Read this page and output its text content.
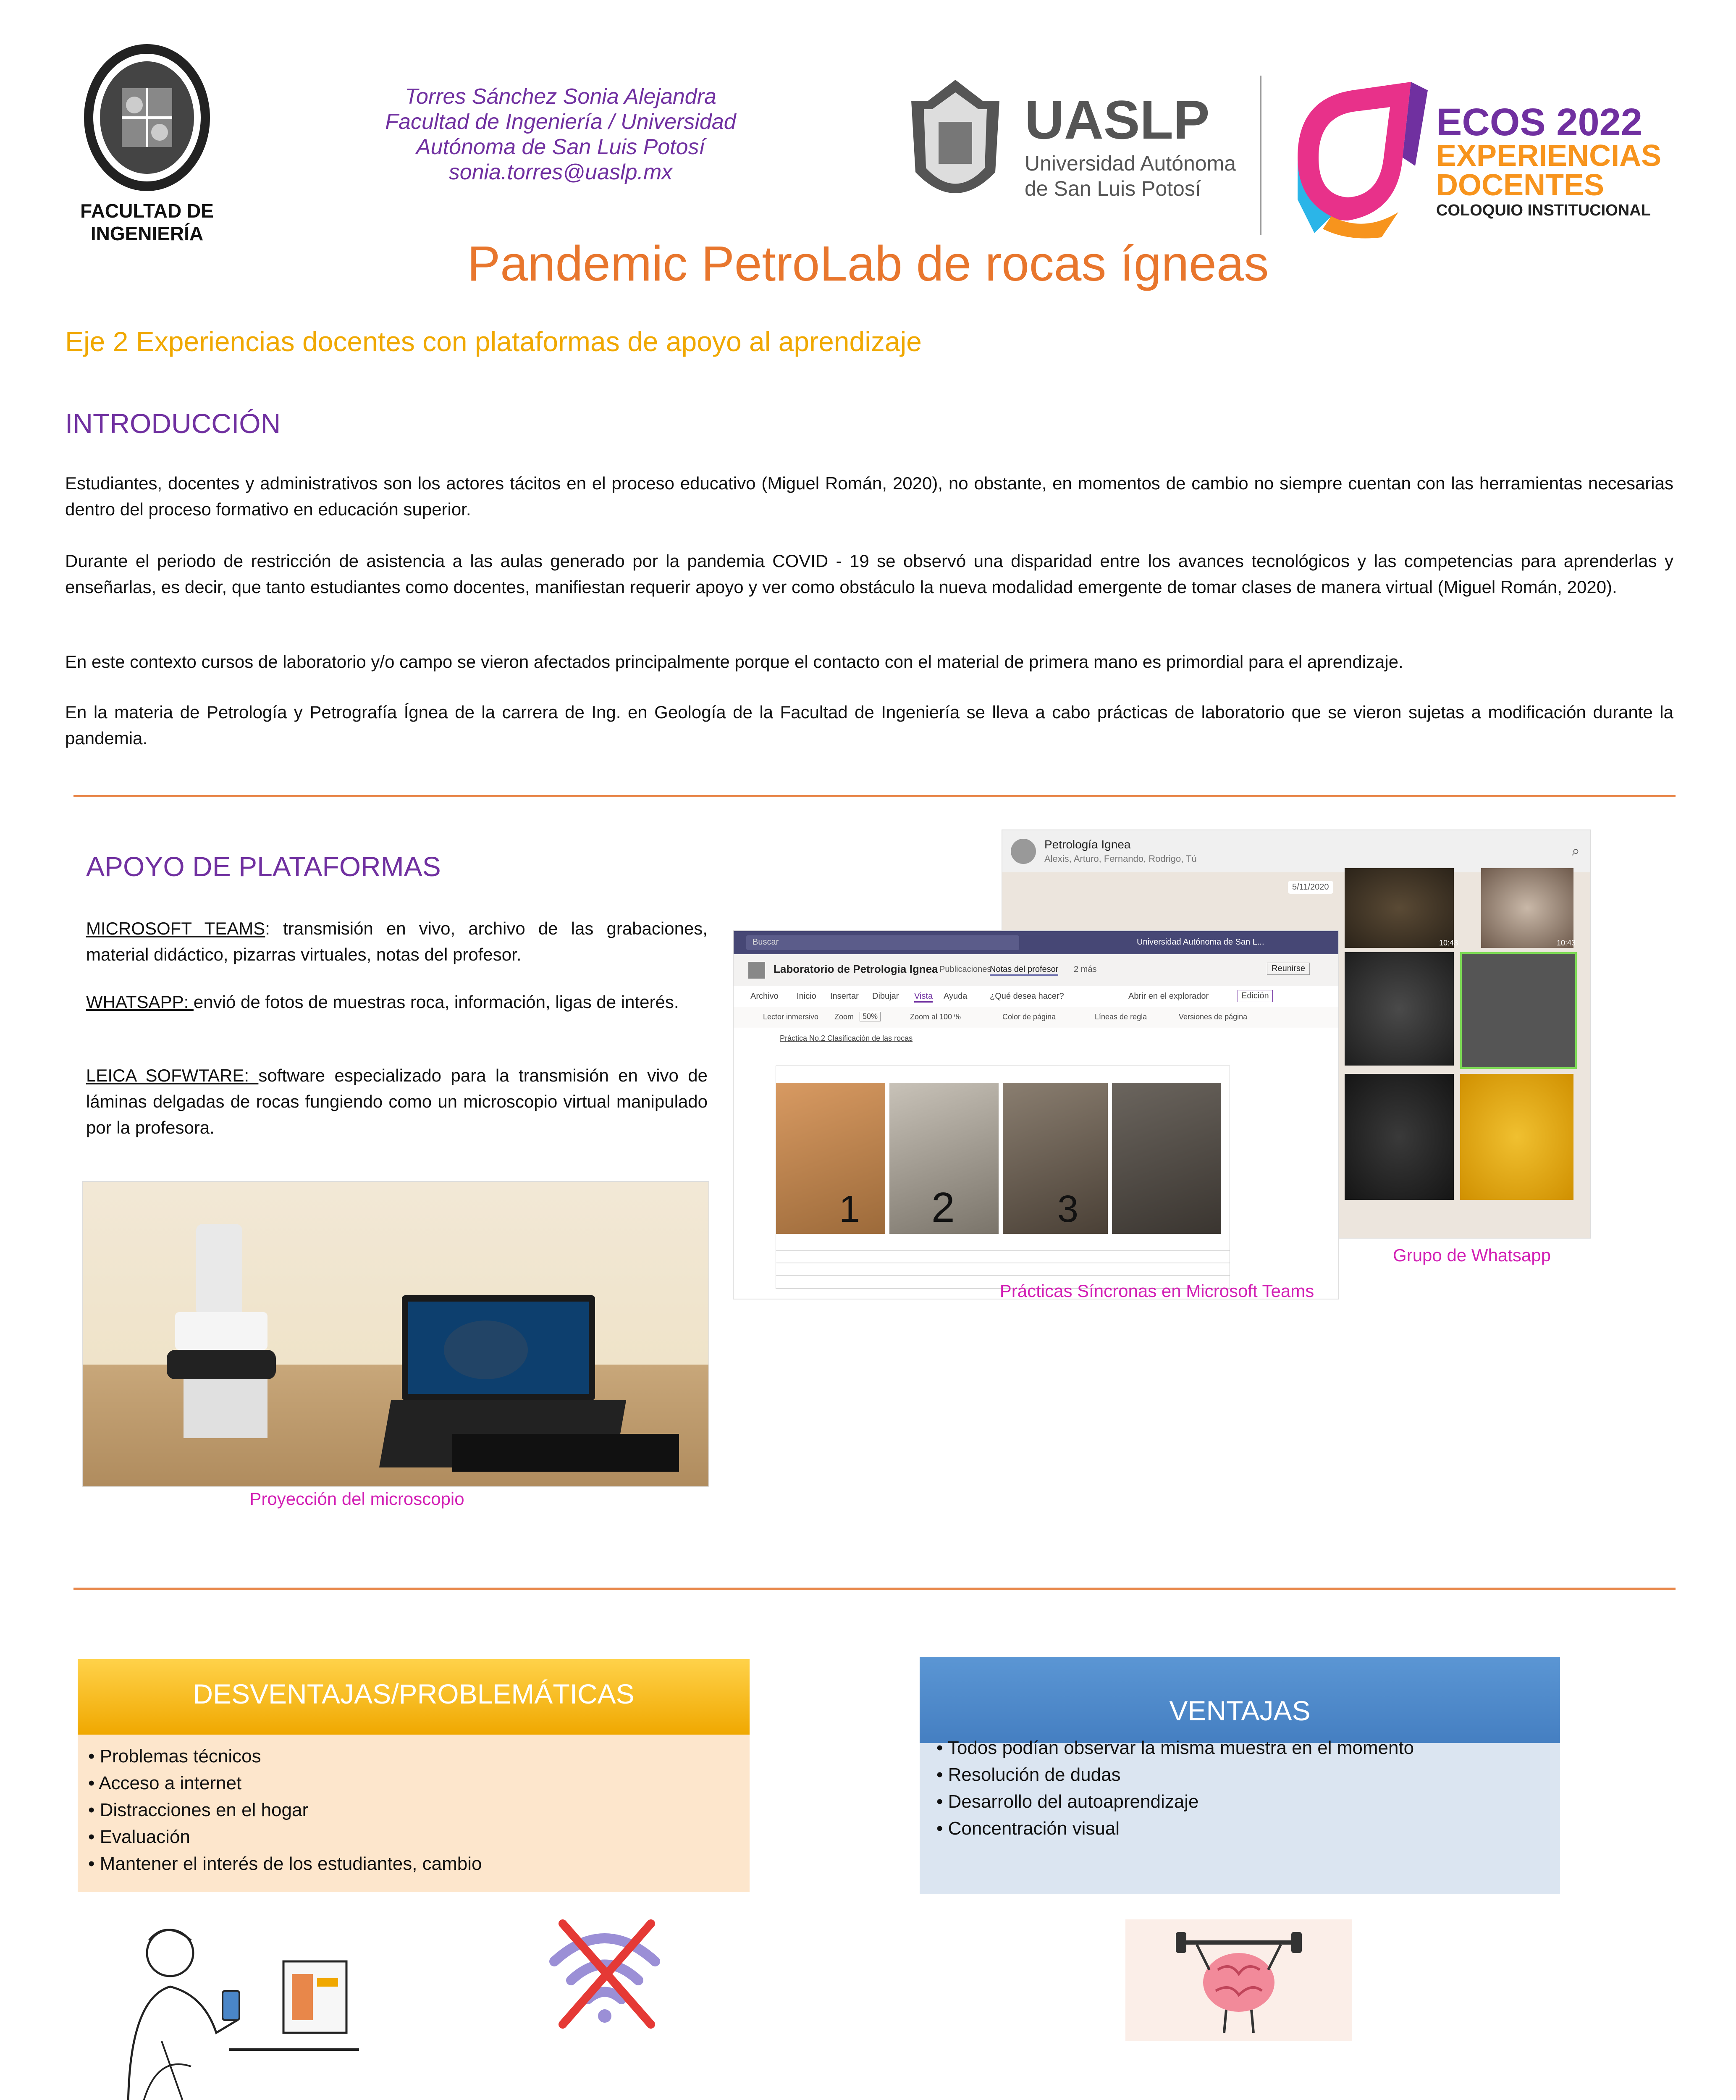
FACULTAD DE
INGENIERÍA
Torres Sánchez Sonia Alejandra
Facultad de Ingeniería / Universidad
Autónoma de San Luis Potosí
sonia.torres@uaslp.mx
UASLP
Universidad Autónoma
de San Luis Potosí
ECOS 2022
EXPERIENCIAS
DOCENTES
COLOQUIO INSTITUCIONAL
Pandemic PetroLab de rocas ígneas
Eje 2 Experiencias docentes con plataformas de apoyo al aprendizaje
INTRODUCCIÓN

Estudiantes, docentes y administrativos son los actores tácitos en el proceso educativo (Miguel Román, 2020), no obstante, en momentos de cambio no siempre cuentan con las herramientas necesarias dentro del proceso formativo en educación superior.

Durante el periodo de restricción de asistencia a las aulas generado por la pandemia COVID - 19 se observó una disparidad entre los avances tecnológicos y las competencias para aprenderlas y enseñarlas, es decir, que tanto estudiantes como docentes, manifiestan requerir apoyo y ver como obstáculo la nueva modalidad emergente de tomar clases de manera virtual (Miguel Román, 2020).

En este contexto cursos de laboratorio y/o campo se vieron afectados principalmente porque el contacto con el material de primera mano es primordial para el aprendizaje.

En la materia de Petrología y Petrografía Ígnea de la carrera de Ing. en Geología de la Facultad de Ingeniería se lleva a cabo prácticas de laboratorio que se vieron sujetas a modificación durante la pandemia.

APOYO DE PLATAFORMAS

MICROSOFT TEAMS: transmisión en vivo, archivo de las grabaciones, material didáctico, pizarras virtuales, notas del profesor.

WHATSAPP: envió de fotos de muestras roca, información, ligas de interés.

LEICA SOFWTARE: software especializado para la transmisión en vivo de láminas delgadas de rocas fungiendo como un microscopio virtual manipulado por la profesora.

Proyección del microscopio
Petrología Ignea
Alexis, Arturo, Fernando, Rodrigo, Tú	⌕
5/11/2020
10:43	10:43
Grupo de Whatsapp
Buscar	Universidad Autónoma de San L...
Laboratorio de Petrologia Ignea Publicaciones
Notas del profesor 2 más	Reunirse
Archivo Inicio Insertar Dibujar Vista Ayuda	¿Qué desea hacer?	Abrir en el explorador	Edición
Lector inmersivo Zoom	50%	Zoom al 100 %	Color de página	Líneas de regla	Versiones de página
Práctica No.2 Clasificación de las rocas
1 2	3
Prácticas Síncronas en Microsoft Teams
DESVENTAJAS/PROBLEMÁTICAS
• Problemas técnicos
• Acceso a internet
• Distracciones en el hogar
• Evaluación
• Mantener el interés de los estudiantes, cambio
VENTAJAS
• Todos podían observar la misma muestra en el momento
• Resolución de dudas
• Desarrollo del autoaprendizaje
• Concentración visual
